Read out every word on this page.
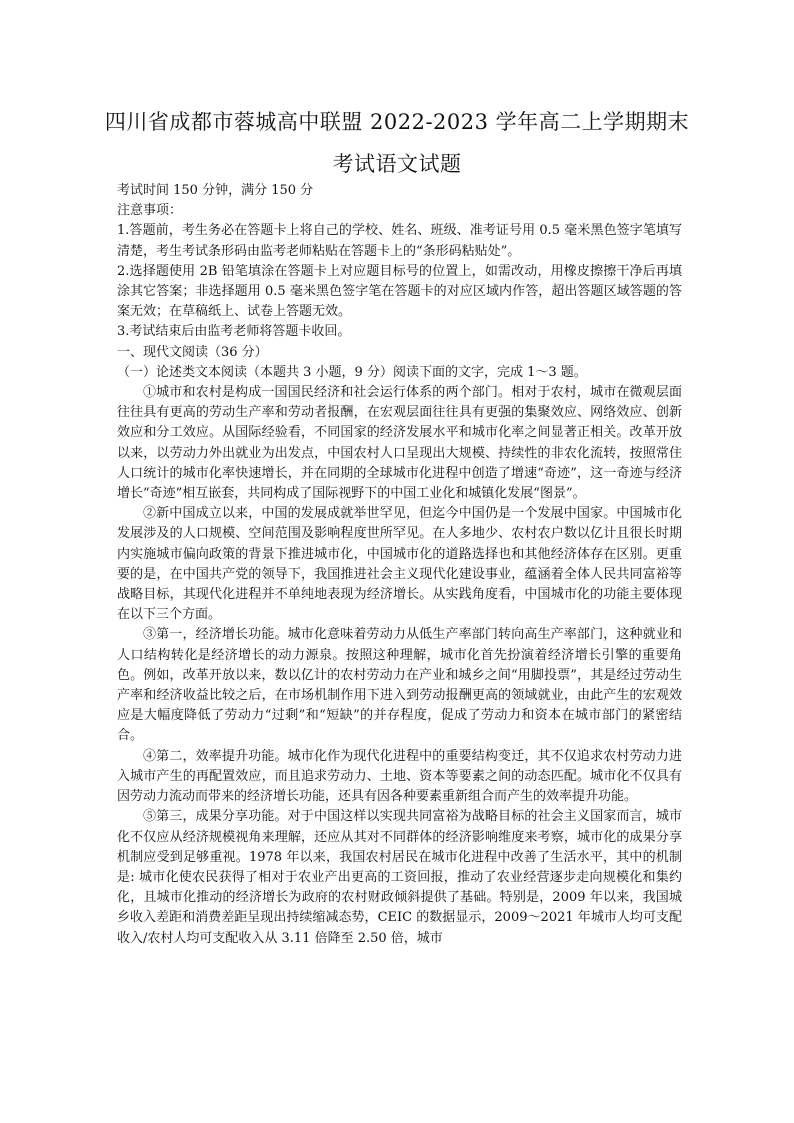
四川省成都市蓉城高中联盟 2022-2023 学年高二上学期期末
考试语文试题

考试时间 150 分钟，满分 150 分

注意事项：

1.答题前，考生务必在答题卡上将自己的学校、姓名、班级、准考证号用 0.5 毫米黑色签字笔填写清楚，考生考试条形码由监考老师粘贴在答题卡上的“条形码粘贴处”。

2.选择题使用 2B 铅笔填涂在答题卡上对应题目标号的位置上，如需改动，用橡皮擦擦干净后再填涂其它答案；非选择题用 0.5 毫米黑色签字笔在答题卡的对应区域内作答，超出答题区域答题的答案无效；在草稿纸上、试卷上答题无效。

3.考试结束后由监考老师将答题卡收回。

一、现代文阅读（36 分）

（一）论述类文本阅读（本题共 3 小题，9 分）阅读下面的文字，完成 1～3 题。

①城市和农村是构成一国国民经济和社会运行体系的两个部门。相对于农村，城市在微观层面往往具有更高的劳动生产率和劳动者报酬，在宏观层面往往具有更强的集聚效应、网络效应、创新效应和分工效应。从国际经验看，不同国家的经济发展水平和城市化率之间显著正相关。改革开放以来，以劳动力外出就业为出发点，中国农村人口呈现出大规模、持续性的非农化流转，按照常住人口统计的城市化率快速增长，并在同期的全球城市化进程中创造了增速“奇迹”，这一奇迹与经济增长“奇迹”相互嵌套，共同构成了国际视野下的中国工业化和城镇化发展“图景”。

②新中国成立以来，中国的发展成就举世罕见，但迄今中国仍是一个发展中国家。中国城市化发展涉及的人口规模、空间范围及影响程度世所罕见。在人多地少、农村农户数以亿计且很长时期内实施城市偏向政策的背景下推进城市化，中国城市化的道路选择也和其他经济体存在区别。更重要的是，在中国共产党的领导下，我国推进社会主义现代化建设事业，蕴涵着全体人民共同富裕等战略目标，其现代化进程并不单纯地表现为经济增长。从实践角度看，中国城市化的功能主要体现在以下三个方面。

③第一，经济增长功能。城市化意味着劳动力从低生产率部门转向高生产率部门，这种就业和人口结构转化是经济增长的动力源泉。按照这种理解，城市化首先扮演着经济增长引擎的重要角色。例如，改革开放以来，数以亿计的农村劳动力在产业和城乡之间“用脚投票”，其是经过劳动生产率和经济收益比较之后，在市场机制作用下进入到劳动报酬更高的领域就业，由此产生的宏观效应是大幅度降低了劳动力“过剩”和“短缺”的并存程度，促成了劳动力和资本在城市部门的紧密结合。

④第二，效率提升功能。城市化作为现代化进程中的重要结构变迁，其不仅追求农村劳动力进入城市产生的再配置效应，而且追求劳动力、土地、资本等要素之间的动态匹配。城市化不仅具有因劳动力流动而带来的经济增长功能，还具有因各种要素重新组合而产生的效率提升功能。

⑤第三，成果分享功能。对于中国这样以实现共同富裕为战略目标的社会主义国家而言，城市化不仅应从经济规模视角来理解，还应从其对不同群体的经济影响维度来考察，城市化的成果分享机制应受到足够重视。1978 年以来，我国农村居民在城市化进程中改善了生活水平，其中的机制是: 城市化使农民获得了相对于农业产出更高的工资回报，推动了农业经营逐步走向规模化和集约化，且城市化推动的经济增长为政府的农村财政倾斜提供了基础。特别是，2009 年以来，我国城乡收入差距和消费差距呈现出持续缩减态势，CEIC 的数据显示，2009～2021 年城市人均可支配收入/农村人均可支配收入从 3.11 倍降至 2.50 倍，城市
